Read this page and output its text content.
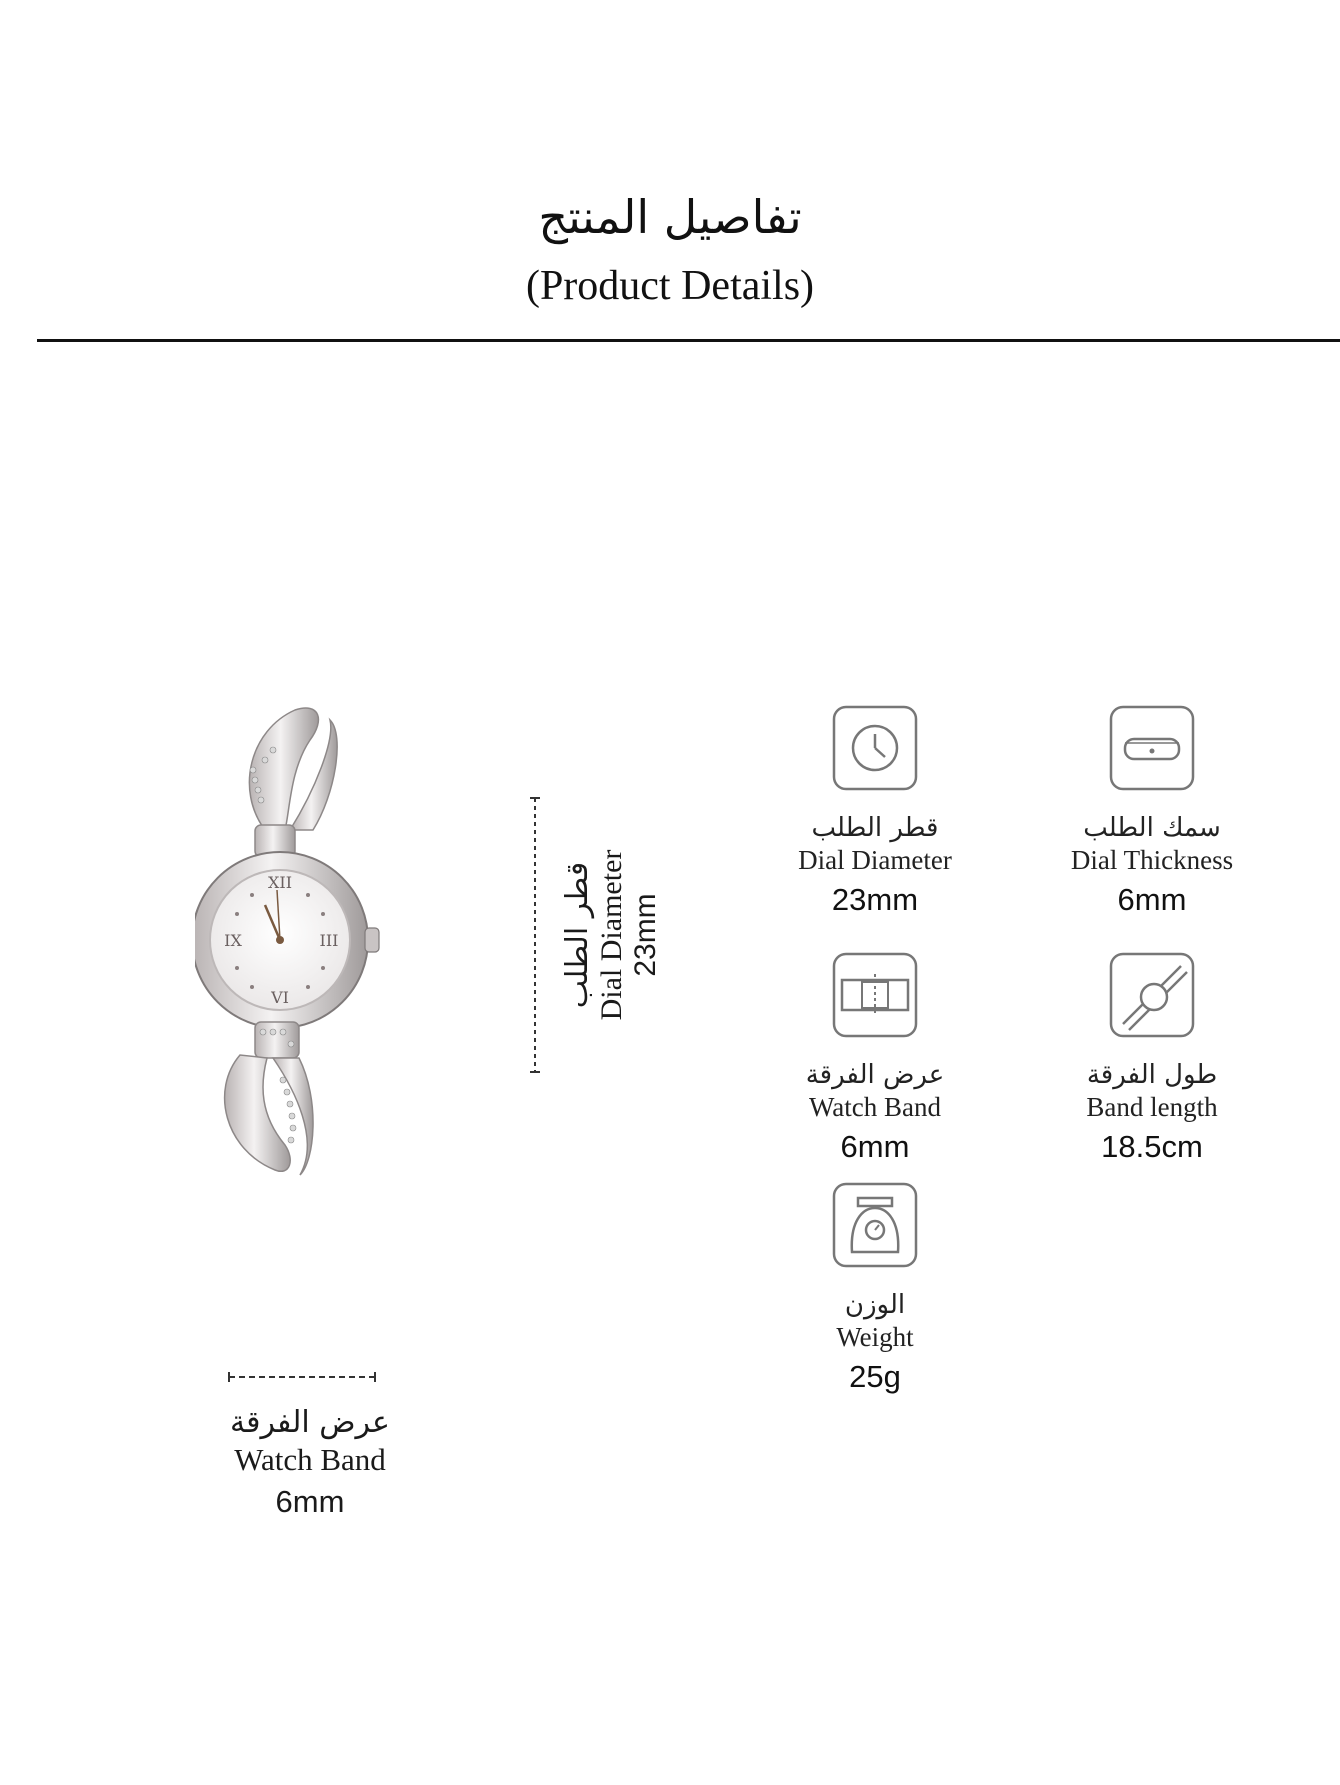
تفاصيل المنتج
(Product Details)
XII
IX	III
VI	قطر الطلب Dial Diameter 23mm
قطر الطلب
Dial Diameter
23mm
سمك الطلب
Dial Thickness
6mm
عرض الفرقة
Watch Band
6mm
طول الفرقة
Band length
18.5cm
الوزن
Weight
25g
عرض الفرقة
Watch Band
6mm
